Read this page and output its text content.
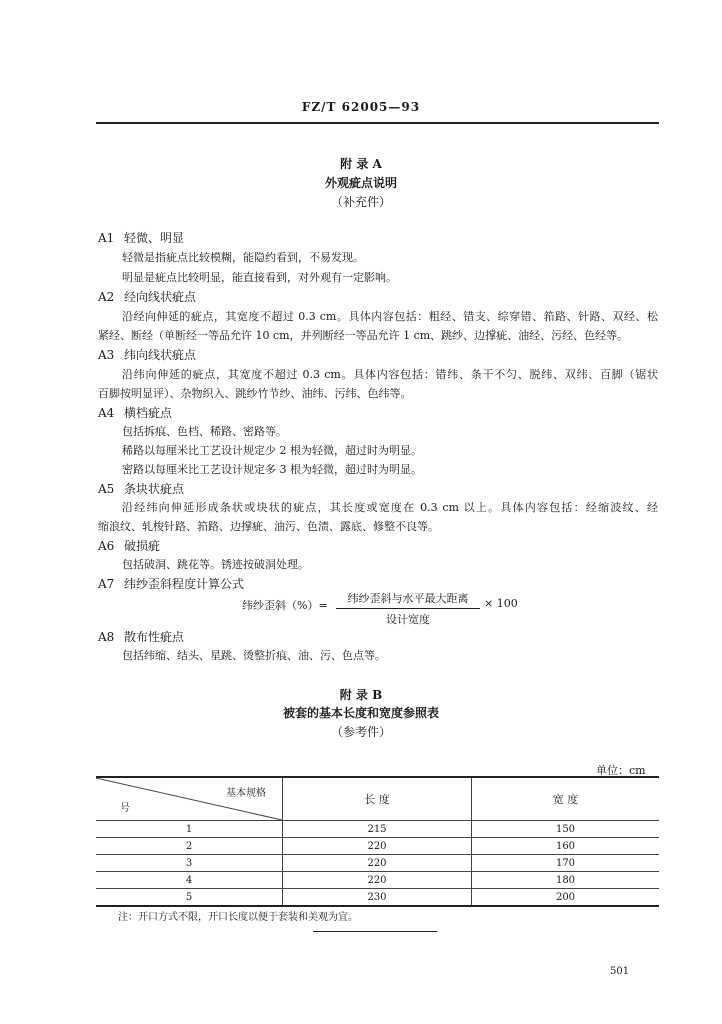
FZ/T 62005—93
附 录 A
外观疵点说明
（补充件）
A1 轻微、明显
轻微是指疵点比较模糊，能隐约看到，不易发现。
明显是疵点比较明显，能直接看到，对外观有一定影响。
A2 经向线状疵点
沿经向伸延的疵点，其宽度不超过 0.3 cm。具体内容包括：粗经、错支、综穿错、筘路、针路、双经、松
紧经、断经（单断经一等品允许 10 cm，并列断经一等品允许 1 cm、跳纱、边撑疵、油经、污经、色经等。
A3 纬向线状疵点
沿纬向伸延的疵点，其宽度不超过 0.3 cm。具体内容包括：错纬、条干不匀、脱纬、双纬、百脚（锯状
百脚按明显评）、杂物织入、跳纱竹节纱、油纬、污纬、色纬等。
A4 横档疵点
包括拆痕、色档、稀路、密路等。
稀路以每厘米比工艺设计规定少 2 根为轻微，超过时为明显。
密路以每厘米比工艺设计规定多 3 根为轻微，超过时为明显。
A5 条块状疵点
沿经纬向伸延形成条状或块状的疵点，其长度或宽度在 0.3 cm 以上。具体内容包括：经缩波纹、经
缩浪纹、轧梭针路、筘路、边撑疵、油污、色渍、露底、修整不良等。
A6 破损疵
包括破洞、跳花等。锈迹按破洞处理。
A7 纬纱歪斜程度计算公式
纬纱歪斜（%）=
纬纱歪斜与水平最大距离
设计宽度
× 100
A8 散布性疵点
包括纬缩、结头、星跳、烫整折痕、油、污、色点等。
附 录 B
被套的基本长度和宽度参照表
（参考件）
单位：cm
基本规格
号	长 度	宽 度
1	215	150
2	220	160
3	220	170
4	220	180
5	230	200
注：开口方式不限，开口长度以便于套装和美观为宜。
501
